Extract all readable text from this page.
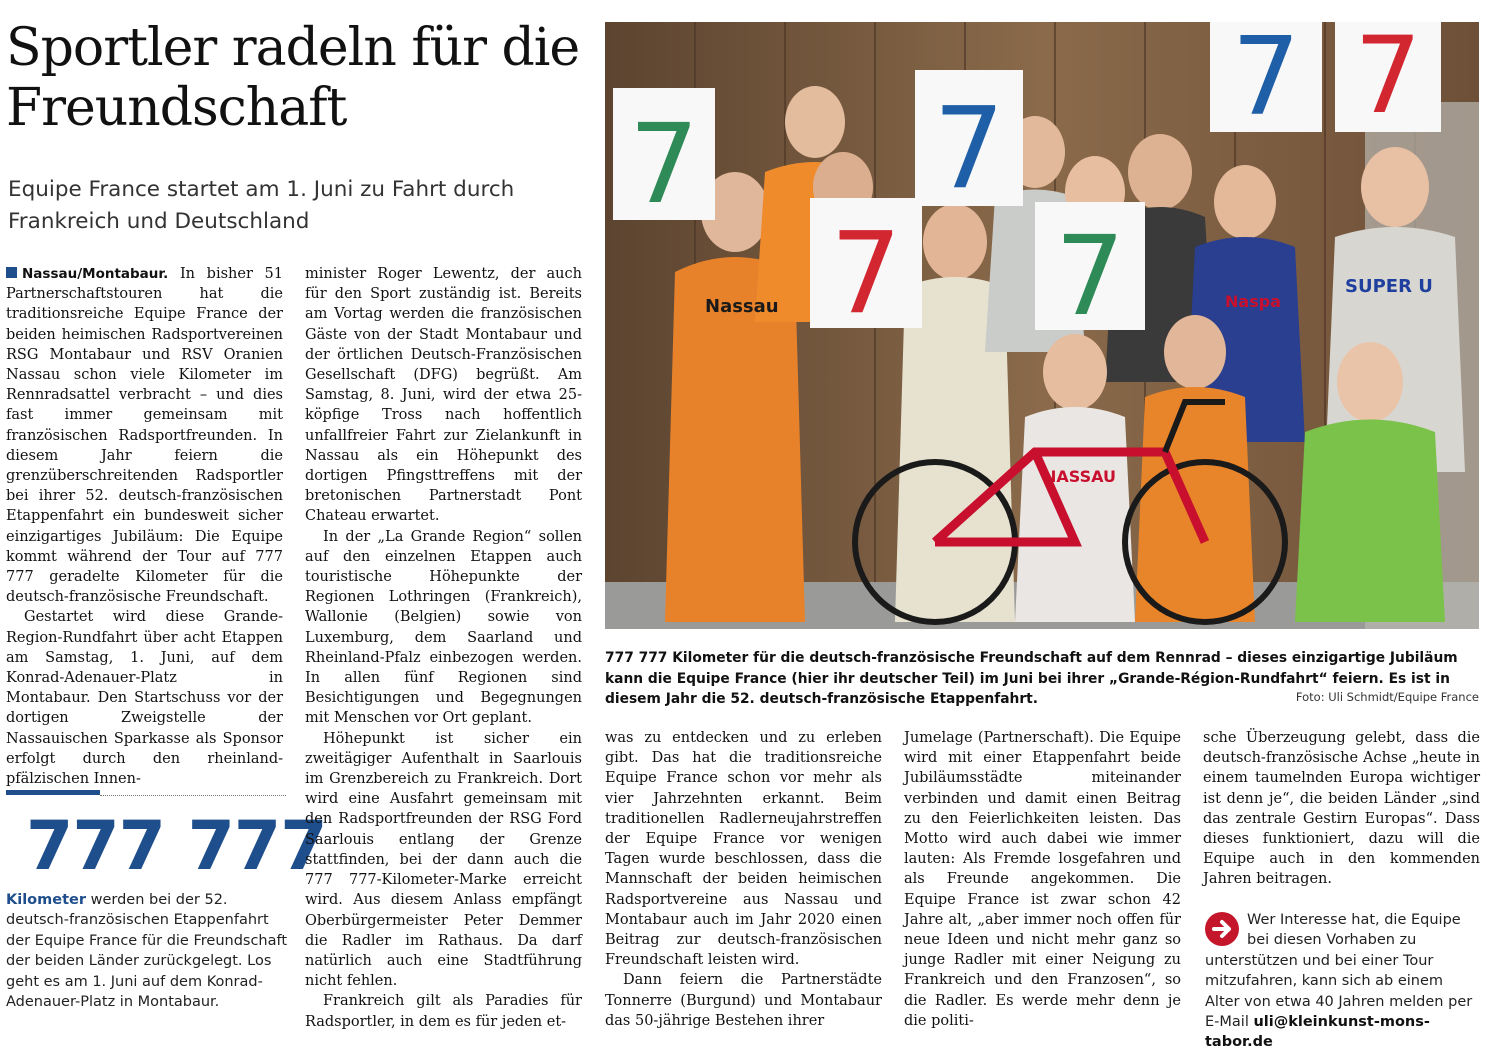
Sportler radeln für die Freundschaft

Equipe France startet am 1. Juni zu Fahrt durch Frankreich und Deutschland

Nassau/Montabaur. In bisher 51 Partnerschaftstouren hat die traditionsreiche Equipe France der beiden heimischen Radsportvereinen RSG Montabaur und RSV Oranien Nassau schon viele Kilometer im Rennradsattel verbracht – und dies fast immer gemeinsam mit französischen Radsportfreunden. In diesem Jahr feiern die grenzüberschreitenden Radsportler bei ihrer 52. deutsch-französischen Etappenfahrt ein bundesweit sicher einzigartiges Jubiläum: Die Equipe kommt während der Tour auf 777 777 geradelte Kilometer für die deutsch-französische Freundschaft.

Gestartet wird diese Grande-Region-Rundfahrt über acht Etappen am Samstag, 1. Juni, auf dem Konrad-Adenauer-Platz in Montabaur. Den Startschuss vor der dortigen Zweigstelle der Nassauischen Sparkasse als Sponsor erfolgt durch den rheinland-pfälzischen Innen-

777 777
Kilometer werden bei der 52. deutsch-französischen Etappenfahrt der Equipe France für die Freundschaft der beiden Länder zurückgelegt. Los geht es am 1. Juni auf dem Konrad-Adenauer-Platz in Montabaur.

minister Roger Lewentz, der auch für den Sport zuständig ist. Bereits am Vortag werden die französischen Gäste von der Stadt Montabaur und der örtlichen Deutsch-Französischen Gesellschaft (DFG) begrüßt. Am Samstag, 8. Juni, wird der etwa 25-köpfige Tross nach hoffentlich unfallfreier Fahrt zur Zielankunft in Nassau als ein Höhepunkt des dortigen Pfingsttreffens mit der bretonischen Partnerstadt Pont Chateau erwartet.

In der „La Grande Region“ sollen auf den einzelnen Etappen auch touristische Höhepunkte der Regionen Lothringen (Frankreich), Wallonie (Belgien) sowie von Luxemburg, dem Saarland und Rheinland-Pfalz einbezogen werden. In allen fünf Regionen sind Besichtigungen und Begegnungen mit Menschen vor Ort geplant.

Höhepunkt ist sicher ein zweitägiger Aufenthalt in Saarlouis im Grenzbereich zu Frankreich. Dort wird eine Ausfahrt gemeinsam mit den Radsportfreunden der RSG Ford Saarlouis entlang der Grenze stattfinden, bei der dann auch die 777 777-Kilometer-Marke erreicht wird. Aus diesem Anlass empfängt Oberbürgermeister Peter Demmer die Radler im Rathaus. Da darf natürlich auch eine Stadtführung nicht fehlen.

Frankreich gilt als Paradies für Radsportler, in dem es für jeden et-

7 7
7 7
7 7
Nassau
SUPER U
Naspa
NASSAU
777 777 Kilometer für die deutsch-französische Freundschaft auf dem Rennrad – dieses einzigartige Jubiläum kann die Equipe France (hier ihr deutscher Teil) im Juni bei ihrer „Grande-Région-Rundfahrt“ feiern. Es ist in diesem Jahr die 52. deutsch-französische Etappenfahrt.	Foto: Uli Schmidt/Equipe France

was zu entdecken und zu erleben gibt. Das hat die traditionsreiche Equipe France schon vor mehr als vier Jahrzehnten erkannt. Beim traditionellen Radlerneujahrstreffen der Equipe France vor wenigen Tagen wurde beschlossen, dass die Mannschaft der beiden heimischen Radsportvereine aus Nassau und Montabaur auch im Jahr 2020 einen Beitrag zur deutsch-französischen Freundschaft leisten wird.

Dann feiern die Partnerstädte Tonnerre (Burgund) und Montabaur das 50-jährige Bestehen ihrer

Jumelage (Partnerschaft). Die Equipe wird mit einer Etappenfahrt beide Jubiläumsstädte miteinander verbinden und damit einen Beitrag zu den Feierlichkeiten leisten. Das Motto wird auch dabei wie immer lauten: Als Fremde losgefahren und als Freunde angekommen. Die Equipe France ist zwar schon 42 Jahre alt, „aber immer noch offen für neue Ideen und nicht mehr ganz so junge Radler mit einer Neigung zu Frankreich und den Franzosen“, so die Radler. Es werde mehr denn je die politi-

sche Überzeugung gelebt, dass die deutsch-französische Achse „heute in einem taumelnden Europa wichtiger ist denn je“, die beiden Länder „sind das zentrale Gestirn Europas“. Dass dieses funktioniert, dazu will die Equipe auch in den kommenden Jahren beitragen.

Wer Interesse hat, die Equipe bei diesen Vorhaben zu unterstützen und bei einer Tour mitzufahren, kann sich ab einem Alter von etwa 40 Jahren melden per E-Mail uli@kleinkunst-mons-tabor.de
